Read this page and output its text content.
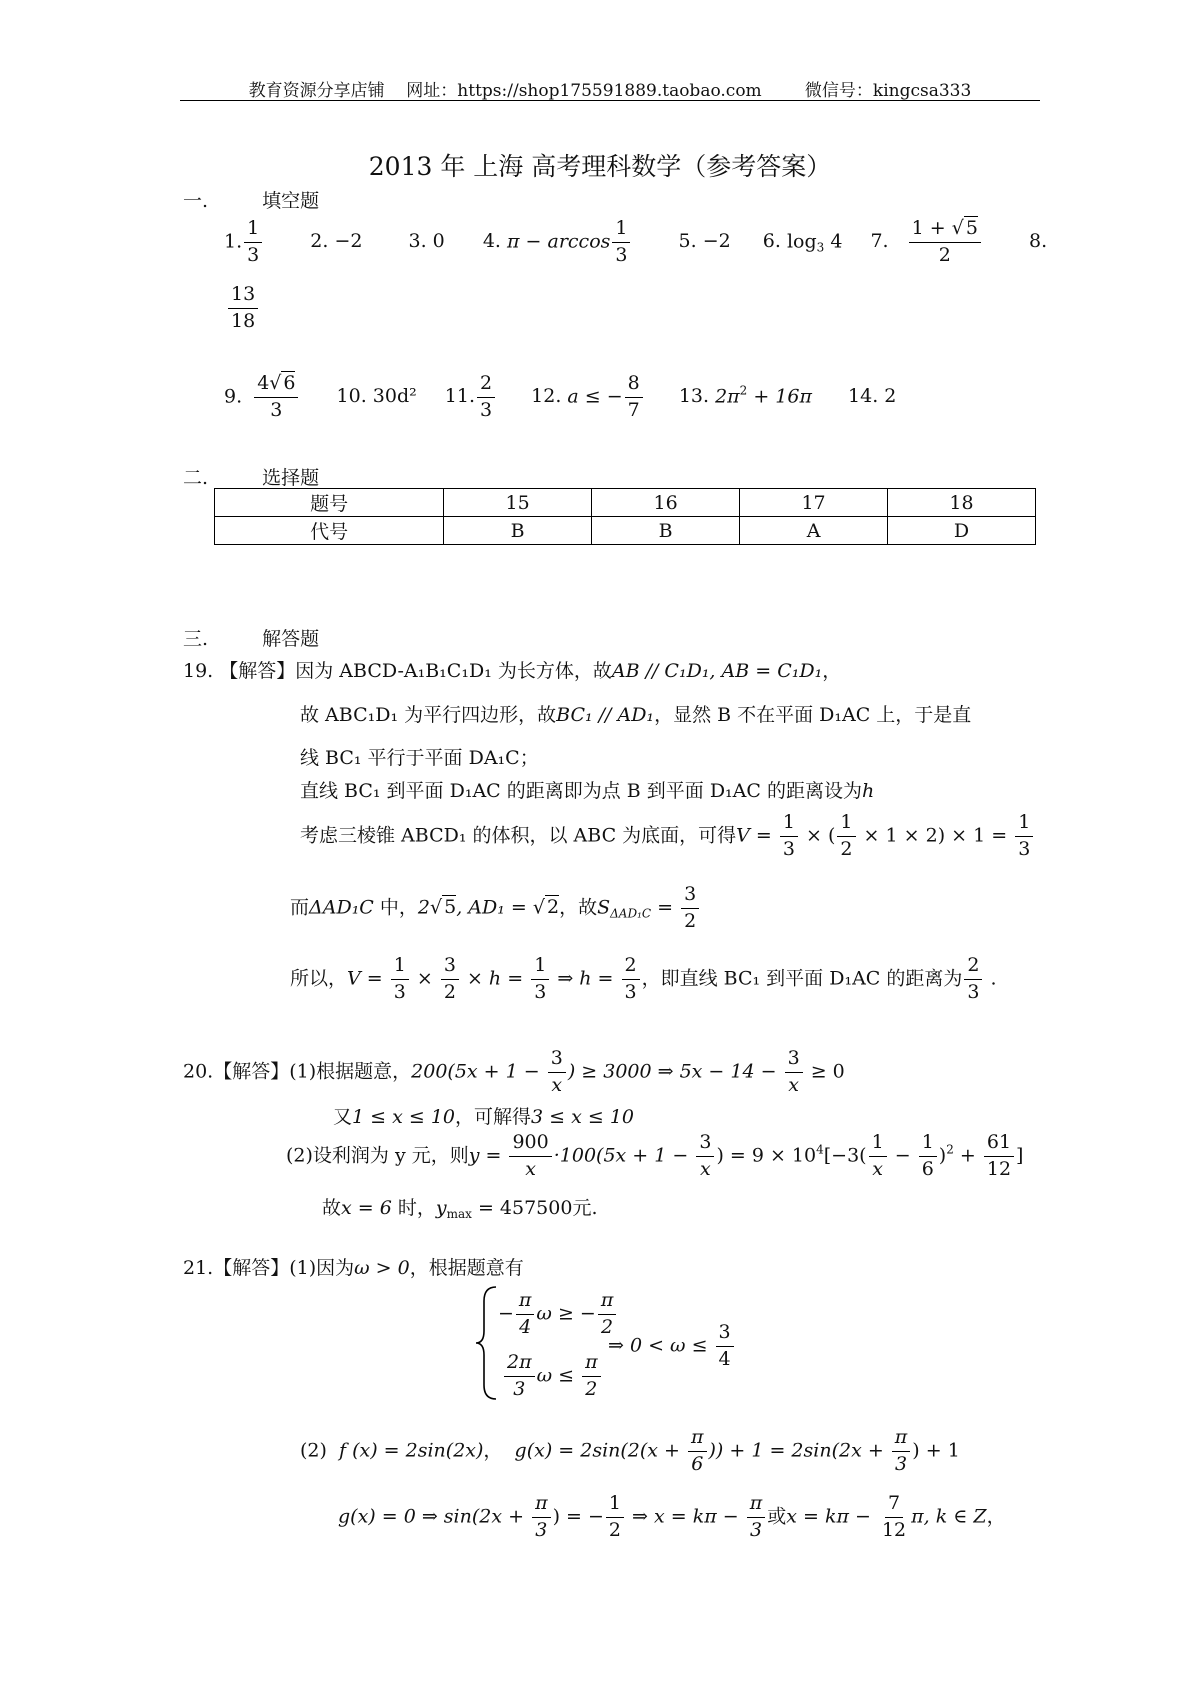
教育资源分享店铺 网址：https://shop175591889.taobao.com	微信号：kingcsa333
2013 年 上海 高考理科数学（参考答案）
一.	填空题
1. $\frac{1}{3}$	2. −2 3. 0 4. $\pi - \arccos \frac{1}{3}$	5. −2 6. $\log_3 4$ 7. $\frac{1 + √ 5}{2}$	8.
$\frac{13}{18}$
9. $\frac{4√ 6}{3} 10$. 30d² 11. $\frac{2}{3} 12$. a ≤ − $\frac{8}{7} 13$. $2\pi^2 + 16\pi$ 14. 2
二.	选择题
题号	15	16	17	18
代号	B	B	A	D
三.	解答题
19. 【解答】因为 ABCD-A₁B₁C₁D₁ 为长方体，故AB // C₁D₁, AB = C₁D₁，
故 ABC₁D₁ 为平行四边形，故BC₁ // AD₁，显然 B 不在平面 D₁AC 上，于是直
线 BC₁ 平行于平面 DA₁C；
直线 BC₁ 到平面 D₁AC 的距离即为点 B 到平面 D₁AC 的距离设为h
考虑三棱锥 ABCD₁ 的体积，以 ABC 为底面，可得$V = \frac{1}{3}$ × ( $\frac{1}{2} \times 1 \times 2) \times 1 = \frac{1}{3}$
而ΔAD₁C 中，2√ 5, AD₁ = √ 2，故$S_{\Delta AD_1C} = \frac{3}{2}$
所以，$V = \frac{1}{3} \times \frac{3}{2} \times h = \frac{1}{3}$ ⇒ $h = \frac{2}{3}$ ，即直线 BC₁ 到平面 D₁AC 的距离为 $\frac{2}{3}$ .
20.【解答】(1)根据题意，$200(5x + 1 - \frac{3}{x}$ ) ≥ 3000 ⇒ $5x - 14 - \frac{3}{x} \ge 0$
又1 ≤ x ≤ 10，可解得3 ≤ x ≤ 10
(2)设利润为 y 元，则$y = \frac{900}{x} \cdot 100(5x + 1 - \frac{3}{x}$ ) = $9 \times 10^4[-3( \frac{1}{x} - \frac{1}{6} )^2 + \frac{61}{12}$ ]
故x = 6 时，$y_{max} = 457500$元.
21.【解答】(1)因为ω > 0，根据题意有
− $\frac{\pi}{4}$ ω ≥ − $\frac{\pi}{2}$
$\frac{2\pi}{3}$ $\omega \le \frac{\pi}{2}$
⇒ $0 < \omega \le \frac{3}{4}$
(2) f (x) = 2sin(2x)， $g(x) = 2\sin(2(x + \frac{\pi}{6}$ )) + $1 = 2\sin(2x + \frac{\pi}{3}$ ) + 1
g(x) = 0 ⇒ $\sin(2x + \frac{\pi}{3}$ ) = − $\frac{1}{2}$ ⇒ $x = k\pi - \frac{\pi}{3}$ 或$x = k\pi - \frac{7}{12} \pi$, k ∈ Z，
